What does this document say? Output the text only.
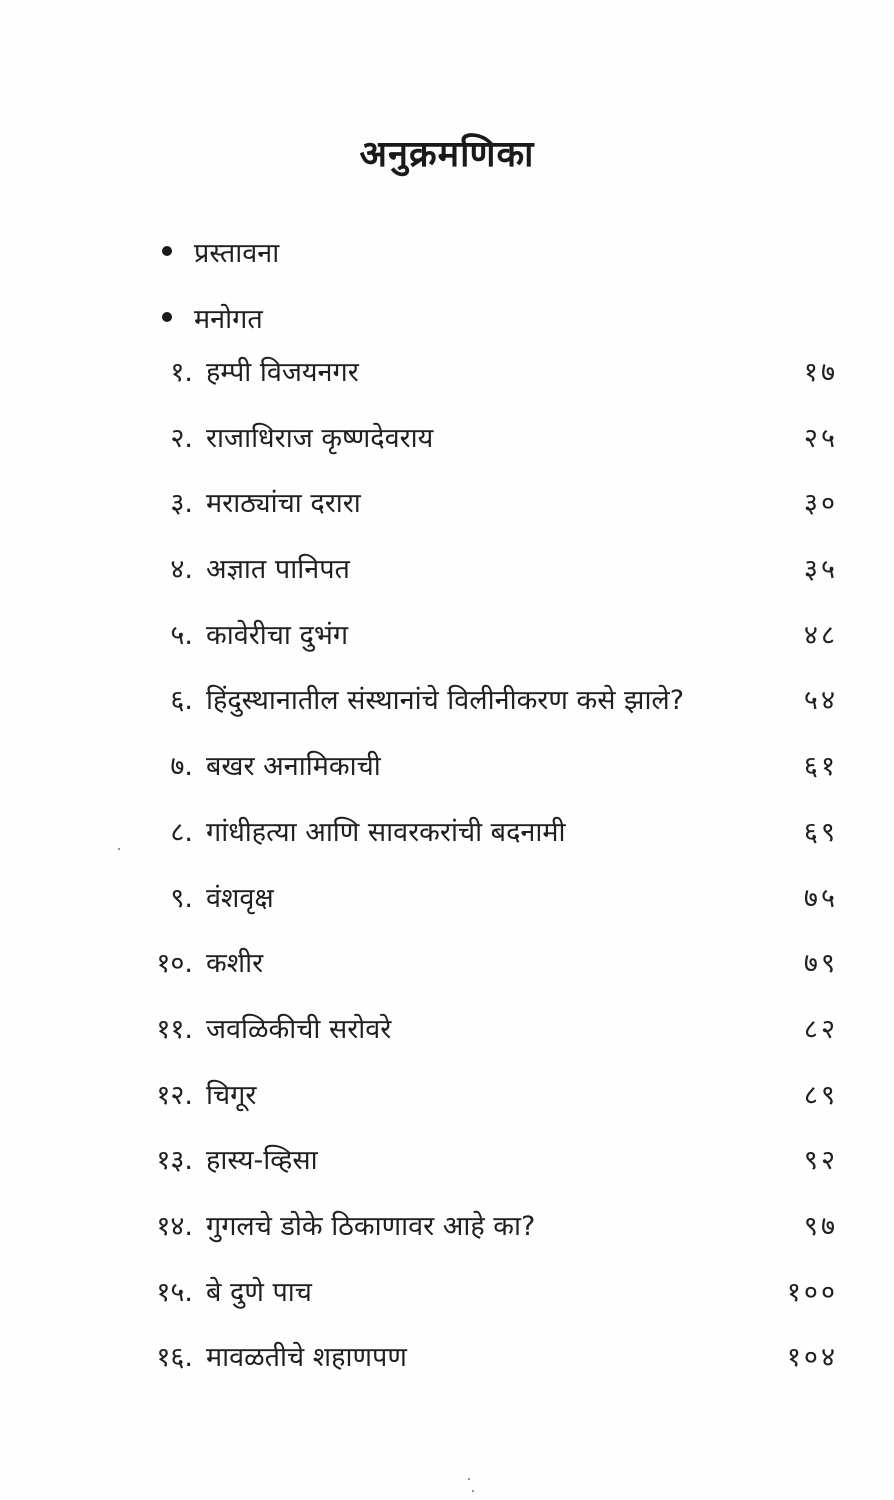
अनुक्रमणिका
प्रस्तावना
मनोगत
१. हम्पी विजयनगर	१७
२. राजाधिराज कृष्णदेवराय	२५
३. मराठ्यांचा दरारा	३०
४. अज्ञात पानिपत	३५
५. कावेरीचा दुभंग	४८
६. हिंदुस्थानातील संस्थानांचे विलीनीकरण कसे झाले?	५४
७. बखर अनामिकाची	६१
८. गांधीहत्या आणि सावरकरांची बदनामी	६९
९. वंशवृक्ष	७५
१०. कशीर	७९
११. जवळिकीची सरोवरे	८२
१२. चिगूर	८९
१३. हास्य-व्हिसा	९२
१४. गुगलचे डोके ठिकाणावर आहे का?	९७
१५. बे दुणे पाच	१००
१६. मावळतीचे शहाणपण	१०४
